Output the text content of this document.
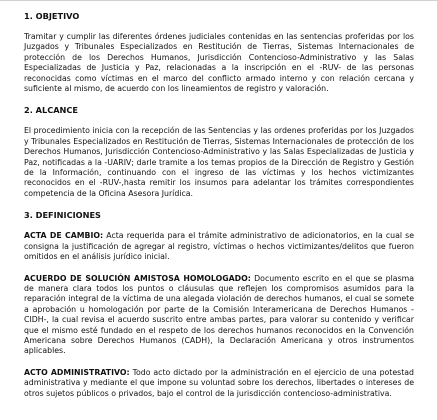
1. OBJETIVO

Tramitar y cumplir las diferentes órdenes judiciales contenidas en las sentencias proferidas por los Juzgados y Tribunales Especializados en Restitución de Tierras, Sistemas Internacionales de protección de los Derechos Humanos, Jurisdicción Contencioso-Administrativo y las Salas Especializadas de Justicia y Paz, relacionadas a la inscripción en el -RUV- de las personas reconocidas como víctimas en el marco del conflicto armado interno y con relación cercana y suficiente al mismo, de acuerdo con los lineamientos de registro y valoración.

2. ALCANCE

El procedimiento inicia con la recepción de las Sentencias y las ordenes proferidas por los Juzgados y Tribunales Especializados en Restitución de Tierras, Sistemas Internacionales de protección de los Derechos Humanos, Jurisdicción Contencioso-Administrativo y las Salas Especializadas de Justicia y Paz, notificadas a la -UARIV; darle tramite a los temas propios de la Dirección de Registro y Gestión de la Información, continuando con el ingreso de las víctimas y los hechos victimizantes reconocidos en el -RUV-,hasta remitir los insumos para adelantar los trámites correspondientes competencia de la Oficina Asesora Jurídica.

3. DEFINICIONES

ACTA DE CAMBIO: Acta requerida para el trámite administrativo de adicionatorios, en la cual se consigna la justificación de agregar al registro, víctimas o hechos victimizantes/delitos que fueron omitidos en el análisis jurídico inicial.

ACUERDO DE SOLUCIÓN AMISTOSA HOMOLOGADO: Documento escrito en el que se plasma de manera clara todos los puntos o cláusulas que reflejen los compromisos asumidos para la reparación integral de la víctima de una alegada violación de derechos humanos, el cual se somete a aprobación u homologación por parte de la Comisión Interamericana de Derechos Humanos -CIDH-, la cual revisa el acuerdo suscrito entre ambas partes, para valorar su contenido y verificar que el mismo esté fundado en el respeto de los derechos humanos reconocidos en la Convención Americana sobre Derechos Humanos (CADH), la Declaración Americana y otros instrumentos aplicables.

ACTO ADMINISTRATIVO: Todo acto dictado por la administración en el ejercicio de una potestad administrativa y mediante el que impone su voluntad sobre los derechos, libertades o intereses de otros sujetos públicos o privados, bajo el control de la jurisdicción contencioso-administrativa.
